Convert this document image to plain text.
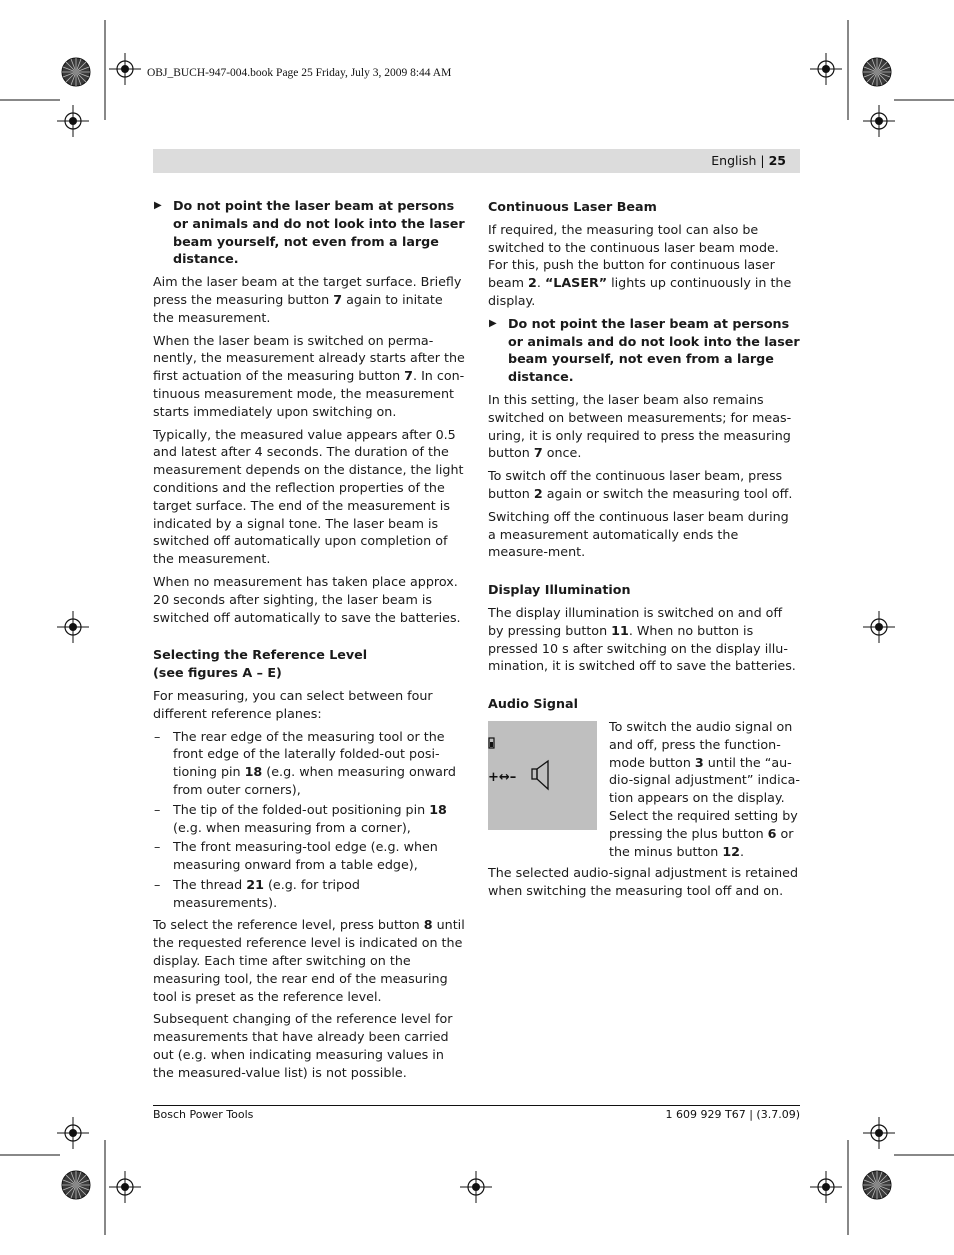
OBJ_BUCH-947-004.book Page 25 Friday, July 3, 2009 8:44 AM
English | 25

▶ Do not point the laser beam at persons or animals and do not look into the laser beam yourself, not even from a large distance.

Aim the laser beam at the target surface. Briefly press the measuring button 7 again to initate the measurement.

When the laser beam is switched on perma-nently, the measurement already starts after the first actuation of the measuring button 7. In con-tinuous measurement mode, the measurement starts immediately upon switching on.

Typically, the measured value appears after 0.5 and latest after 4 seconds. The duration of the measurement depends on the distance, the light conditions and the reflection properties of the target surface. The end of the measurement is indicated by a signal tone. The laser beam is switched off automatically upon completion of the measurement.

When no measurement has taken place approx. 20 seconds after sighting, the laser beam is switched off automatically to save the batteries.

Selecting the Reference Level
(see figures A – E)

For measuring, you can select between four different reference planes:

– The rear edge of the measuring tool or the front edge of the laterally folded-out posi-tioning pin 18 (e.g. when measuring onward from outer corners),
– The tip of the folded-out positioning pin 18 (e.g. when measuring from a corner),
– The front measuring-tool edge (e.g. when measuring onward from a table edge),
– The thread 21 (e.g. for tripod measurements).

To select the reference level, press button 8 until the requested reference level is indicated on the display. Each time after switching on the measuring tool, the rear end of the measuring tool is preset as the reference level.

Subsequent changing of the reference level for measurements that have already been carried out (e.g. when indicating measuring values in the measured-value list) is not possible.

Continuous Laser Beam

If required, the measuring tool can also be switched to the continuous laser beam mode. For this, push the button for continuous laser beam 2. “LASER” lights up continuously in the display.

▶ Do not point the laser beam at persons or animals and do not look into the laser beam yourself, not even from a large distance.

In this setting, the laser beam also remains switched on between measurements; for meas-uring, it is only required to press the measuring button 7 once.

To switch off the continuous laser beam, press button 2 again or switch the measuring tool off.

Switching off the continuous laser beam during a measurement automatically ends the measure-ment.

Display Illumination

The display illumination is switched on and off by pressing button 11. When no button is pressed 10 s after switching on the display illu-mination, it is switched off to save the batteries.

Audio Signal
+↔–
To switch the audio signal on and off, press the function-mode button 3 until the “au-dio-signal adjustment” indica-tion appears on the display. Select the required setting by pressing the plus button 6 or the minus button 12.

The selected audio-signal adjustment is retained when switching the measuring tool off and on.

Bosch Power Tools	1 609 929 T67 | (3.7.09)
